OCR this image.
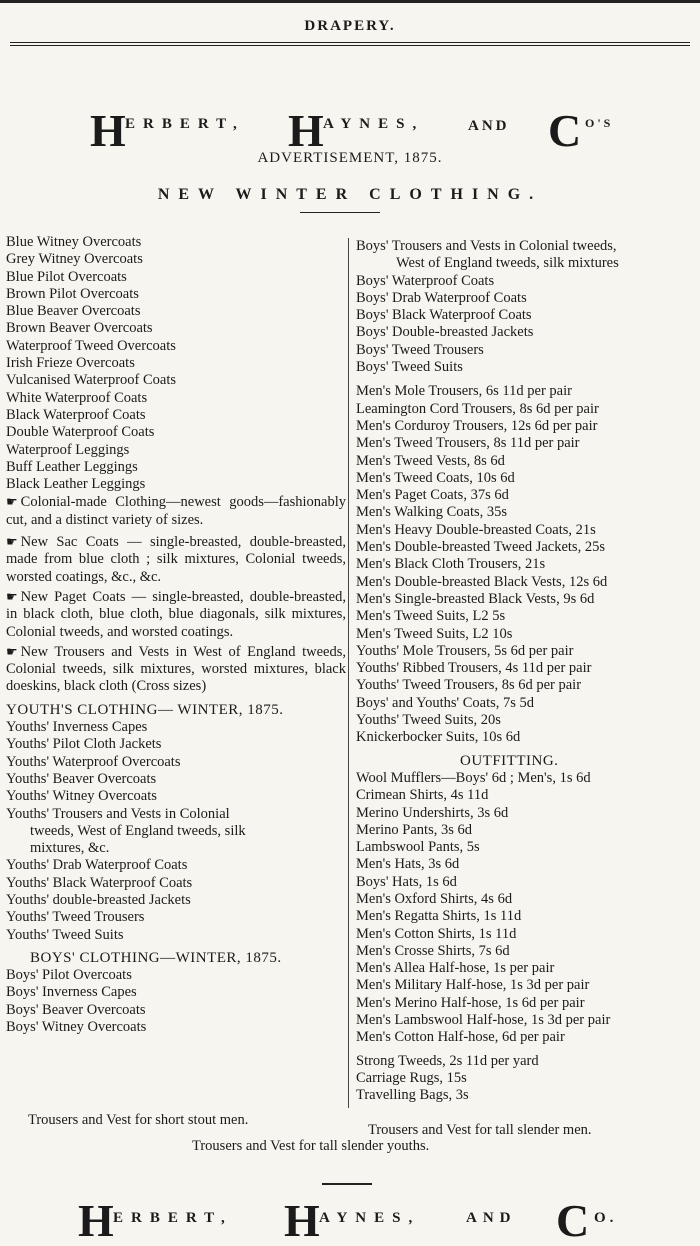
DRAPERY.
H ERBERT, H AYNES,	AND C O'S
ADVERTISEMENT, 1875.
NEW WINTER CLOTHING.
Blue Witney Overcoats
Grey Witney Overcoats
Blue Pilot Overcoats
Brown Pilot Overcoats
Blue Beaver Overcoats
Brown Beaver Overcoats
Waterproof Tweed Overcoats
Irish Frieze Overcoats
Vulcanised Waterproof Coats
White Waterproof Coats
Black Waterproof Coats
Double Waterproof Coats
Waterproof Leggings
Buff Leather Leggings
Black Leather Leggings
☛ Colonial-made Clothing—newest goods—fashionably cut, and a distinct variety of sizes.
☛ New Sac Coats — single-breasted, double-breasted, made from blue cloth ; silk mixtures, Colonial tweeds, worsted coatings, &c., &c.
☛ New Paget Coats — single-breasted, double-breasted, in black cloth, blue cloth, blue diagonals, silk mixtures, Colonial tweeds, and worsted coatings.
☛ New Trousers and Vests in West of England tweeds, Colonial tweeds, silk mixtures, worsted mixtures, black doeskins, black cloth (Cross sizes)
YOUTH'S CLOTHING— WINTER, 1875.
Youths' Inverness Capes
Youths' Pilot Cloth Jackets
Youths' Waterproof Overcoats
Youths' Beaver Overcoats
Youths' Witney Overcoats
Youths' Trousers and Vests in Colonial
tweeds, West of England tweeds, silk
mixtures, &c.
Youths' Drab Waterproof Coats
Youths' Black Waterproof Coats
Youths' double-breasted Jackets
Youths' Tweed Trousers
Youths' Tweed Suits
BOYS' CLOTHING—WINTER, 1875.
Boys' Pilot Overcoats
Boys' Inverness Capes
Boys' Beaver Overcoats
Boys' Witney Overcoats
Boys' Trousers and Vests in Colonial tweeds,
West of England tweeds, silk mixtures
Boys' Waterproof Coats
Boys' Drab Waterproof Coats
Boys' Black Waterproof Coats
Boys' Double-breasted Jackets
Boys' Tweed Trousers
Boys' Tweed Suits
Men's Mole Trousers, 6s 11d per pair
Leamington Cord Trousers, 8s 6d per pair
Men's Corduroy Trousers, 12s 6d per pair
Men's Tweed Trousers, 8s 11d per pair
Men's Tweed Vests, 8s 6d
Men's Tweed Coats, 10s 6d
Men's Paget Coats, 37s 6d
Men's Walking Coats, 35s
Men's Heavy Double-breasted Coats, 21s
Men's Double-breasted Tweed Jackets, 25s
Men's Black Cloth Trousers, 21s
Men's Double-breasted Black Vests, 12s 6d
Men's Single-breasted Black Vests, 9s 6d
Men's Tweed Suits, L2 5s
Men's Tweed Suits, L2 10s
Youths' Mole Trousers, 5s 6d per pair
Youths' Ribbed Trousers, 4s 11d per pair
Youths' Tweed Trousers, 8s 6d per pair
Boys' and Youths' Coats, 7s 5d
Youths' Tweed Suits, 20s
Knickerbocker Suits, 10s 6d
OUTFITTING.
Wool Mufflers—Boys' 6d ; Men's, 1s 6d
Crimean Shirts, 4s 11d
Merino Undershirts, 3s 6d
Merino Pants, 3s 6d
Lambswool Pants, 5s
Men's Hats, 3s 6d
Boys' Hats, 1s 6d
Men's Oxford Shirts, 4s 6d
Men's Regatta Shirts, 1s 11d
Men's Cotton Shirts, 1s 11d
Men's Crosse Shirts, 7s 6d
Men's Allea Half-hose, 1s per pair
Men's Military Half-hose, 1s 3d per pair
Men's Merino Half-hose, 1s 6d per pair
Men's Lambswool Half-hose, 1s 3d per pair
Men's Cotton Half-hose, 6d per pair
Strong Tweeds, 2s 11d per yard
Carriage Rugs, 15s
Travelling Bags, 3s
Trousers and Vest for short stout men.
Trousers and Vest for tall slender men.
Trousers and Vest for tall slender youths.
H ERBERT, H AYNES,	AND C O.
